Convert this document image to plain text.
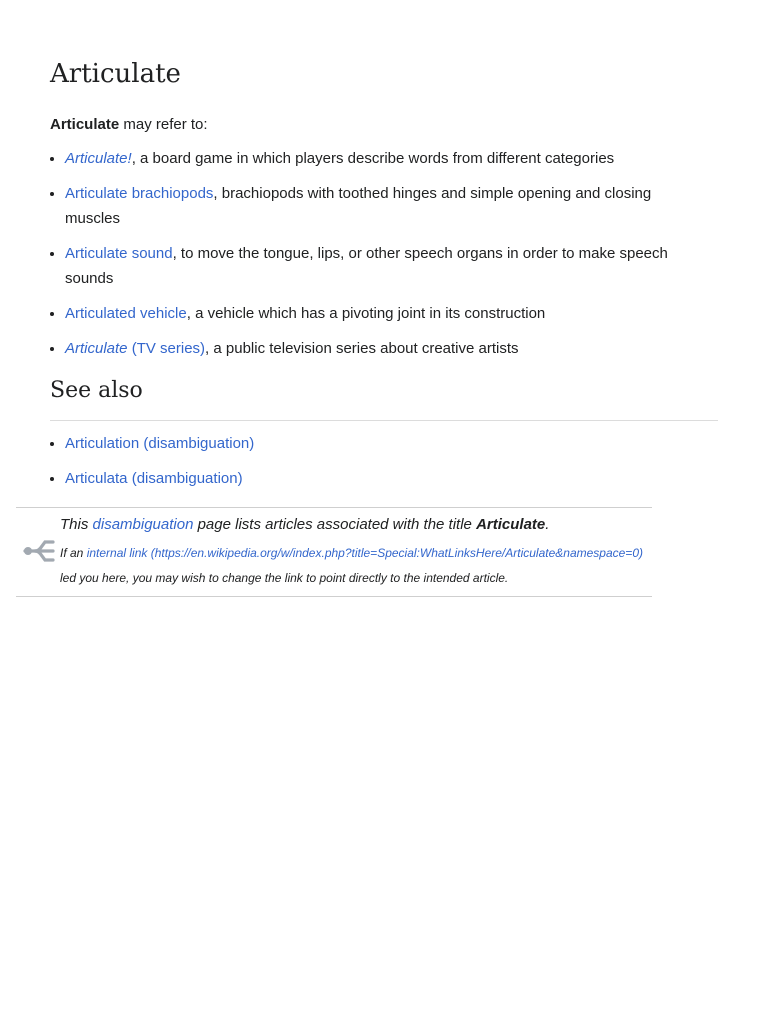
Articulate

Articulate may refer to:

Articulate!, a board game in which players describe words from different categories
Articulate brachiopods, brachiopods with toothed hinges and simple opening and closing muscles
Articulate sound, to move the tongue, lips, or other speech organs in order to make speech sounds
Articulated vehicle, a vehicle which has a pivoting joint in its construction
Articulate (TV series), a public television series about creative artists
See also
Articulation (disambiguation)
Articulata (disambiguation)
This disambiguation page lists articles associated with the title Articulate.
If an internal link (https://en.wikipedia.org/w/index.php?title=Special:WhatLinksHere/Articulate&namespace=0) led you here, you may wish to change the link to point directly to the intended article.
